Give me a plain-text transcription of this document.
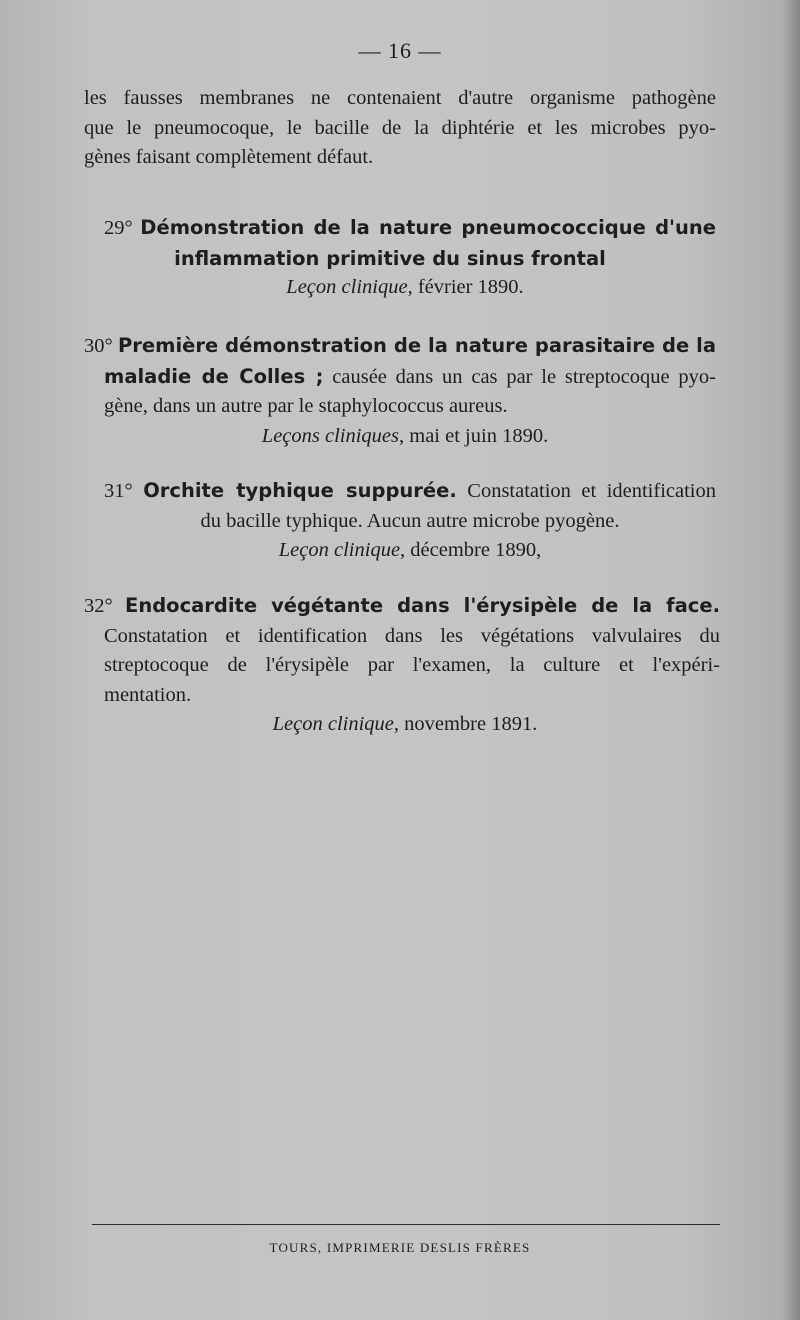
— 16 —
les fausses membranes ne contenaient d'autre organisme pathogène
que le pneumocoque, le bacille de la diphtérie et les microbes pyo-
gènes faisant complètement défaut.
29° Démonstration de la nature pneumococcique d'une
inflammation primitive du sinus frontal
Leçon clinique, février 1890.
30° Première démonstration de la nature parasitaire de la
maladie de Colles ; causée dans un cas par le streptocoque pyo-
gène, dans un autre par le staphylococcus aureus.
Leçons cliniques, mai et juin 1890.
31° Orchite typhique suppurée. Constatation et identification
du bacille typhique. Aucun autre microbe pyogène.
Leçon clinique, décembre 1890,
32° Endocardite végétante dans l'érysipèle de la face.
Constatation et identification dans les végétations valvulaires du
streptocoque de l'érysipèle par l'examen, la culture et l'expéri-
mentation.
Leçon clinique, novembre 1891.
TOURS, IMPRIMERIE DESLIS FRÈRES
